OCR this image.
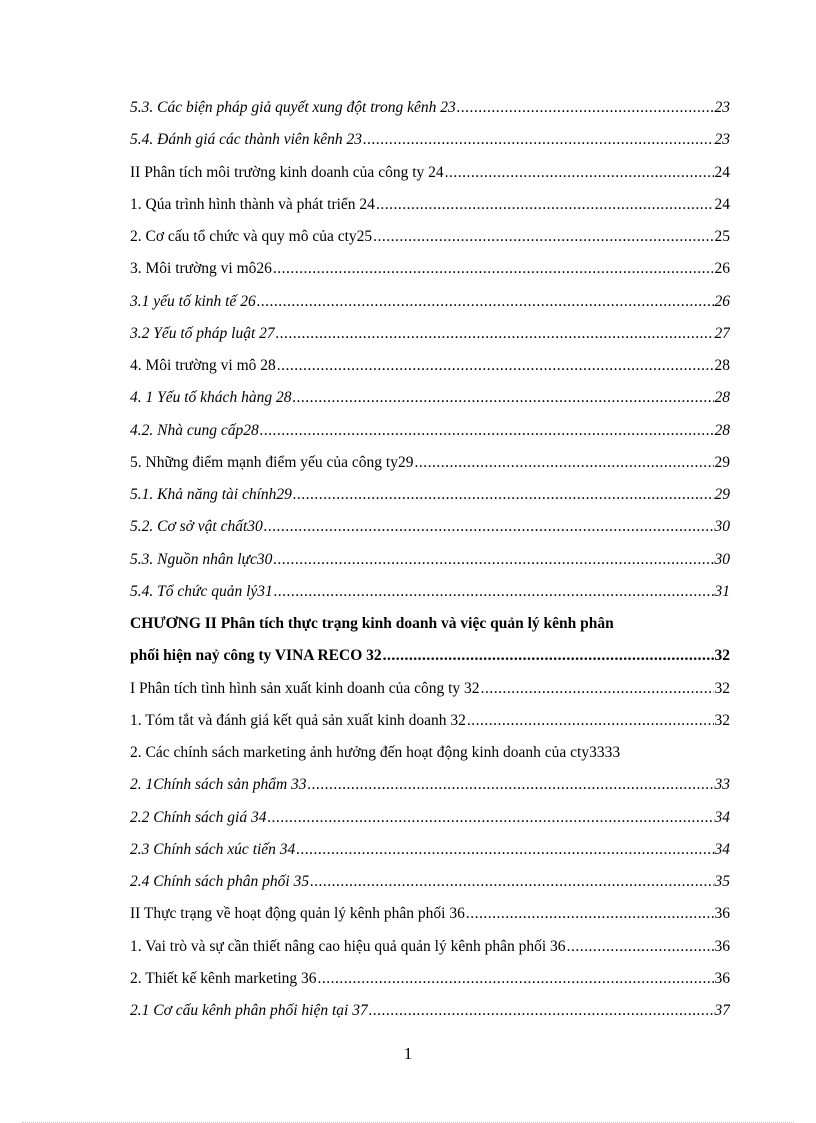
5.3. Các biện pháp giả quyết xung đột trong kênh 23 .....	23
5.4. Đánh giá các thành viên kênh 23 .....	23
II Phân tích môi trường kinh doanh của công ty 24 .....	24
1. Qúa trình hình thành và phát triển 24 .....	24
2. Cơ cấu tổ chức và quy mô của cty25 .....	25
3. Môi trường vi mô26 .....	26
3.1 yếu tố kinh tế 26 .....	26
3.2 Yếu tố pháp luật 27 .....	27
4. Môi trường vi mô 28 .....	28
4. 1 Yếu tố khách hàng 28 .....	28
4.2. Nhà cung cấp28 .....	28
5. Những điểm mạnh điểm yếu của công ty29 .....	29
5.1. Khả năng tài chính29 .....	29
5.2. Cơ sở vật chất30 .....	30
5.3. Nguồn nhân lực30 .....	30
5.4. Tổ chức quản lý31 .....	31
CHƯƠNG II Phân tích thực trạng kinh doanh và việc quản lý kênh phân
phối hiện naỷ công ty VINA RECO 32 .....	32
I Phân tích tình hình sản xuất kinh doanh của công ty 32 .....	32
1. Tóm tắt và đánh giá kết quả sản xuất kinh doanh 32 .....	32
2. Các chính sách marketing ảnh hưởng đến hoạt động kinh doanh của cty3333
2. 1Chính sách sản phẩm 33 .....	33
2.2 Chính sách giá 34 .....	34
2.3 Chính sách xúc tiến 34 .....	34
2.4 Chính sách phân phối 35 .....	35
II Thực trạng về hoạt động quản lý kênh phân phối 36 .....	36
1. Vai trò và sự cần thiết nâng cao hiệu quả quản lý kênh phân phối 36 .....	36
2. Thiết kế kênh marketing 36 .....	36
2.1 Cơ cấu kênh phân phối hiện tại 37 .....	37
1
